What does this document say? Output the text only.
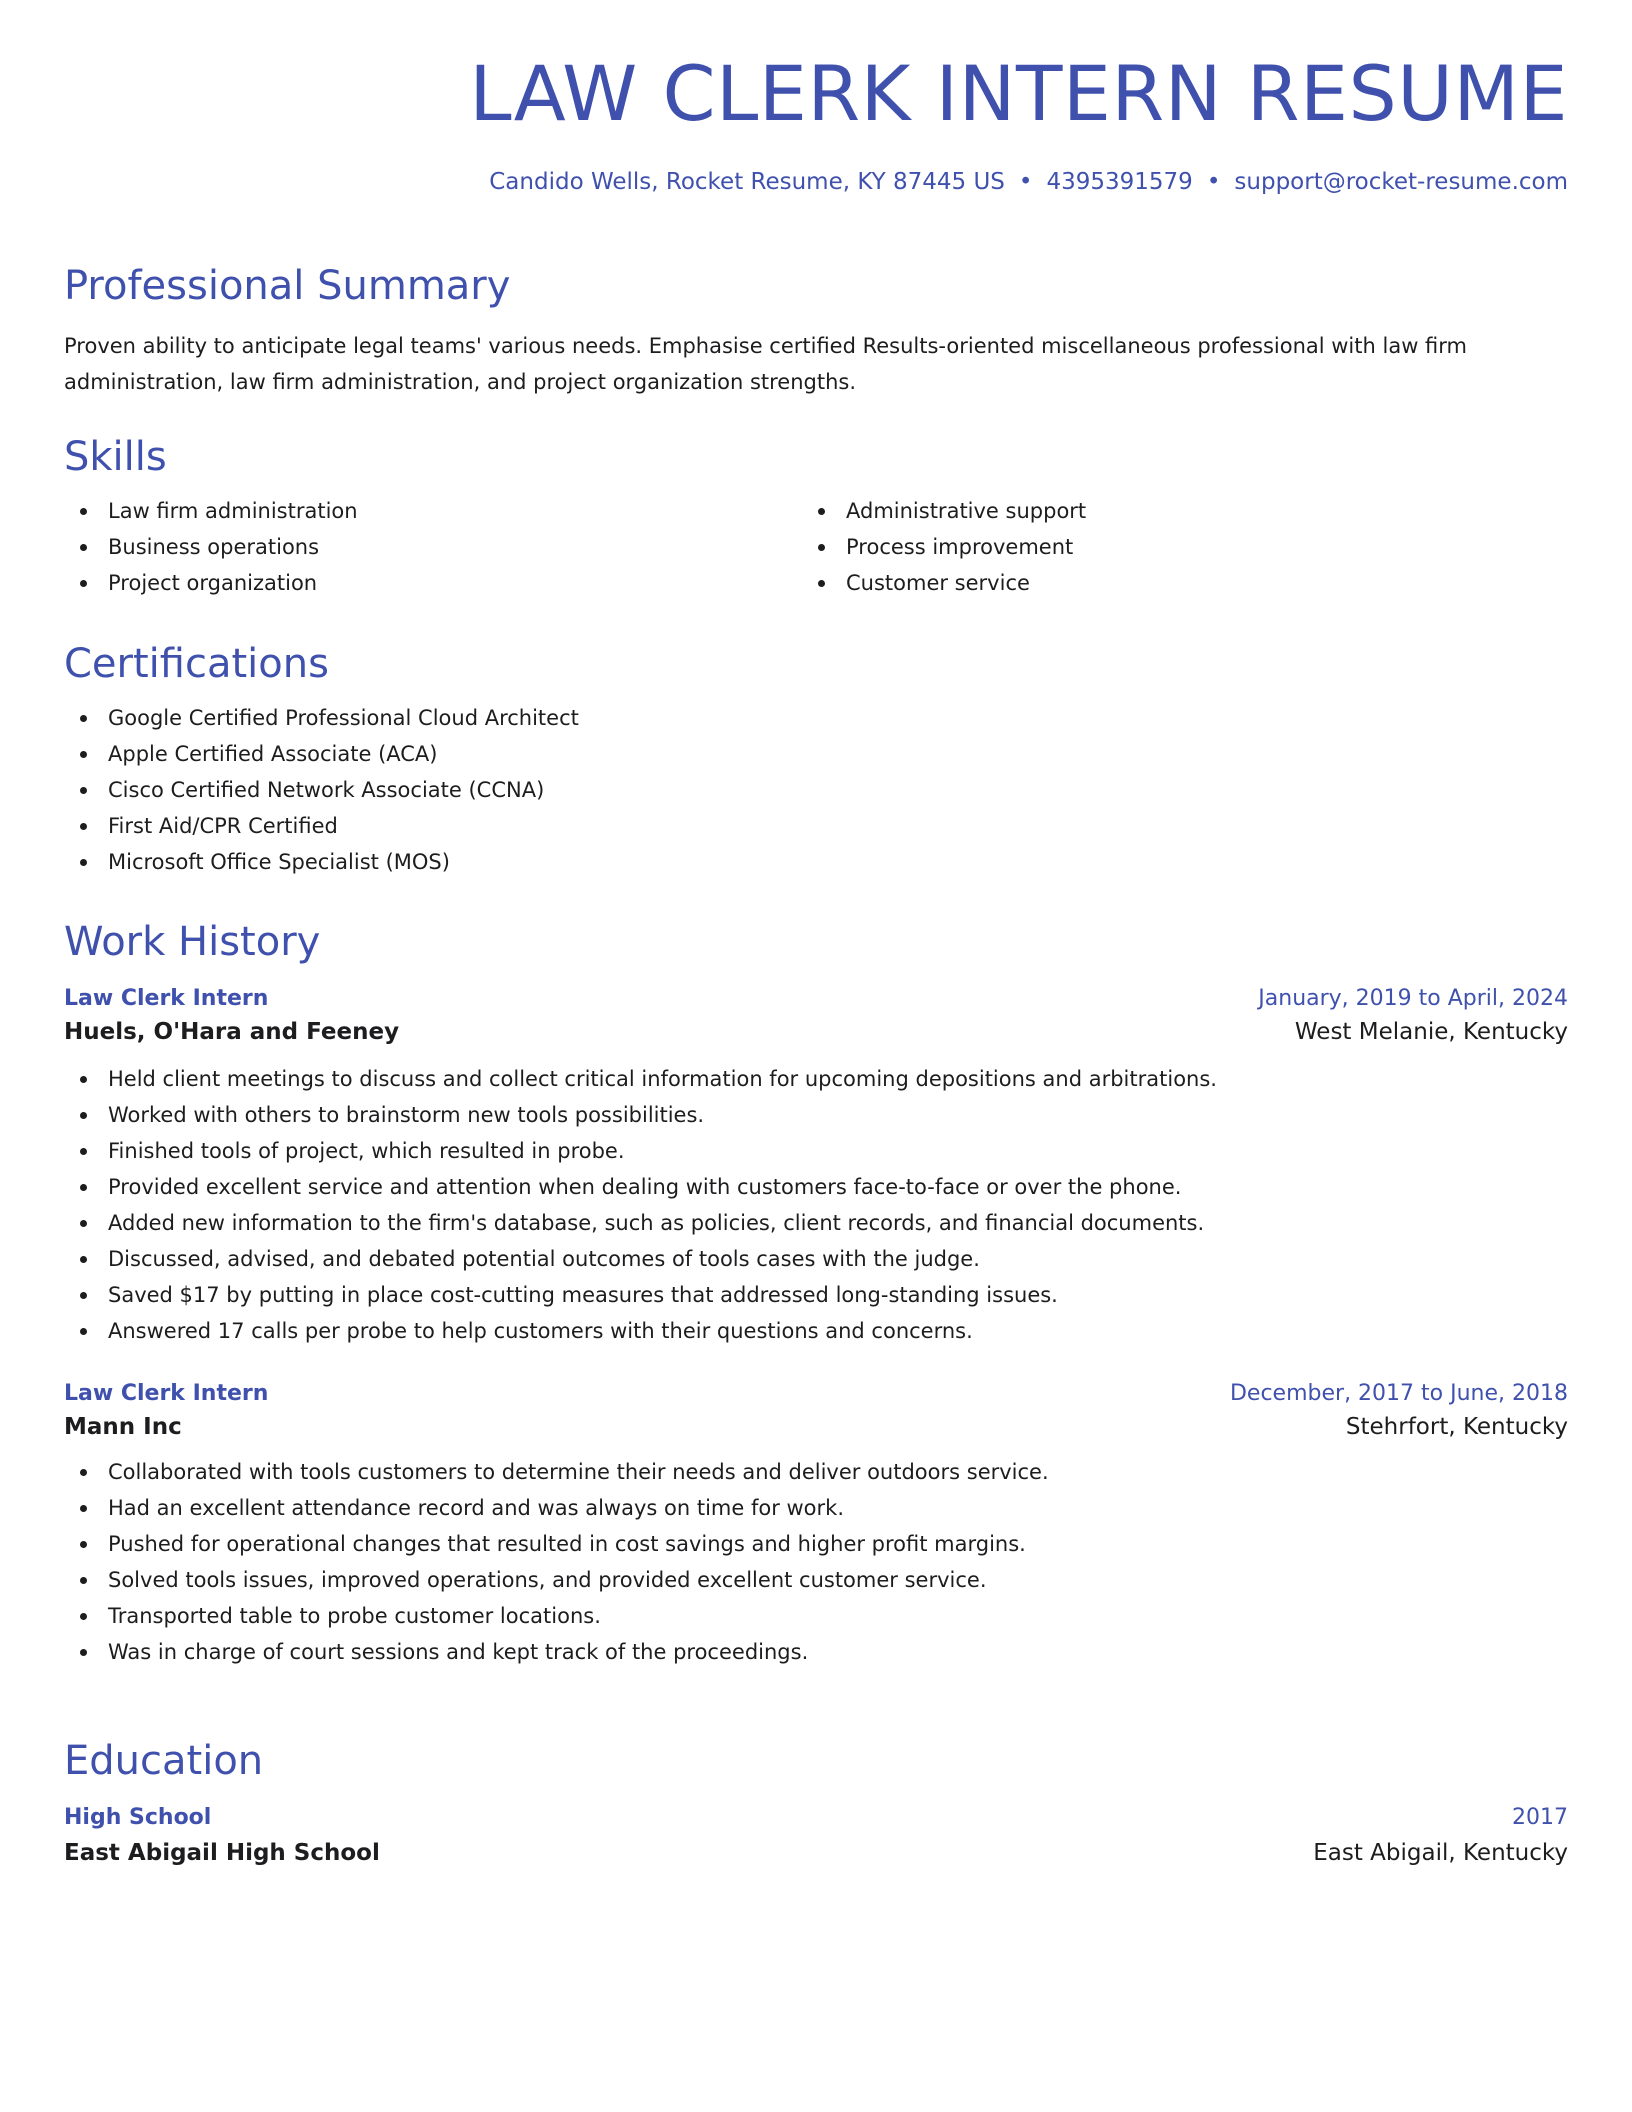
LAW CLERK INTERN RESUME
Candido Wells, Rocket Resume, KY 87445 US • 4395391579 • support@rocket-resume.com
Professional Summary

Proven ability to anticipate legal teams' various needs. Emphasise certified Results-oriented miscellaneous professional with law firm administration, law firm administration, and project organization strengths.

Skills
Law firm administration
Business operations
Project organization
Administrative support
Process improvement
Customer service
Certifications
Google Certified Professional Cloud Architect
Apple Certified Associate (ACA)
Cisco Certified Network Associate (CCNA)
First Aid/CPR Certified
Microsoft Office Specialist (MOS)
Work History
Law Clerk Intern	January, 2019 to April, 2024
Huels, O'Hara and Feeney	West Melanie, Kentucky
Held client meetings to discuss and collect critical information for upcoming depositions and arbitrations.
Worked with others to brainstorm new tools possibilities.
Finished tools of project, which resulted in probe.
Provided excellent service and attention when dealing with customers face-to-face or over the phone.
Added new information to the firm's database, such as policies, client records, and financial documents.
Discussed, advised, and debated potential outcomes of tools cases with the judge.
Saved $17 by putting in place cost-cutting measures that addressed long-standing issues.
Answered 17 calls per probe to help customers with their questions and concerns.
Law Clerk Intern	December, 2017 to June, 2018
Mann Inc	Stehrfort, Kentucky
Collaborated with tools customers to determine their needs and deliver outdoors service.
Had an excellent attendance record and was always on time for work.
Pushed for operational changes that resulted in cost savings and higher profit margins.
Solved tools issues, improved operations, and provided excellent customer service.
Transported table to probe customer locations.
Was in charge of court sessions and kept track of the proceedings.
Education
High School	2017
East Abigail High School	East Abigail, Kentucky
